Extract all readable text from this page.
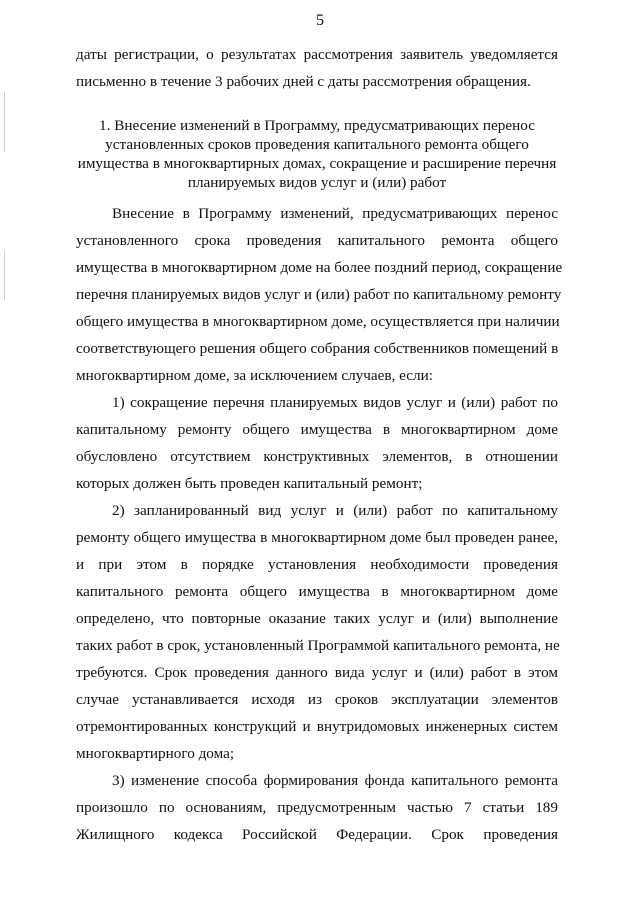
5
даты регистрации, о результатах рассмотрения заявитель уведомляется
письменно в течение 3 рабочих дней с даты рассмотрения обращения.
1. Внесение изменений в Программу, предусматривающих перенос
установленных сроков проведения капитального ремонта общего
имущества в многоквартирных домах, сокращение и расширение перечня
планируемых видов услуг и (или) работ
Внесение в Программу изменений, предусматривающих перенос
установленного срока проведения капитального ремонта общего
имущества в многоквартирном доме на более поздний период, сокращение
перечня планируемых видов услуг и (или) работ по капитальному ремонту
общего имущества в многоквартирном доме, осуществляется при наличии
соответствующего решения общего собрания собственников помещений в
многоквартирном доме, за исключением случаев, если:
1) сокращение перечня планируемых видов услуг и (или) работ по
капитальному ремонту общего имущества в многоквартирном доме
обусловлено отсутствием конструктивных элементов, в отношении
которых должен быть проведен капитальный ремонт;
2) запланированный вид услуг и (или) работ по капитальному
ремонту общего имущества в многоквартирном доме был проведен ранее,
и при этом в порядке установления необходимости проведения
капитального ремонта общего имущества в многоквартирном доме
определено, что повторные оказание таких услуг и (или) выполнение
таких работ в срок, установленный Программой капитального ремонта, не
требуются. Срок проведения данного вида услуг и (или) работ в этом
случае устанавливается исходя из сроков эксплуатации элементов
отремонтированных конструкций и внутридомовых инженерных систем
многоквартирного дома;
3) изменение способа формирования фонда капитального ремонта
произошло по основаниям, предусмотренным частью 7 статьи 189
Жилищного кодекса Российской Федерации. Срок проведения
